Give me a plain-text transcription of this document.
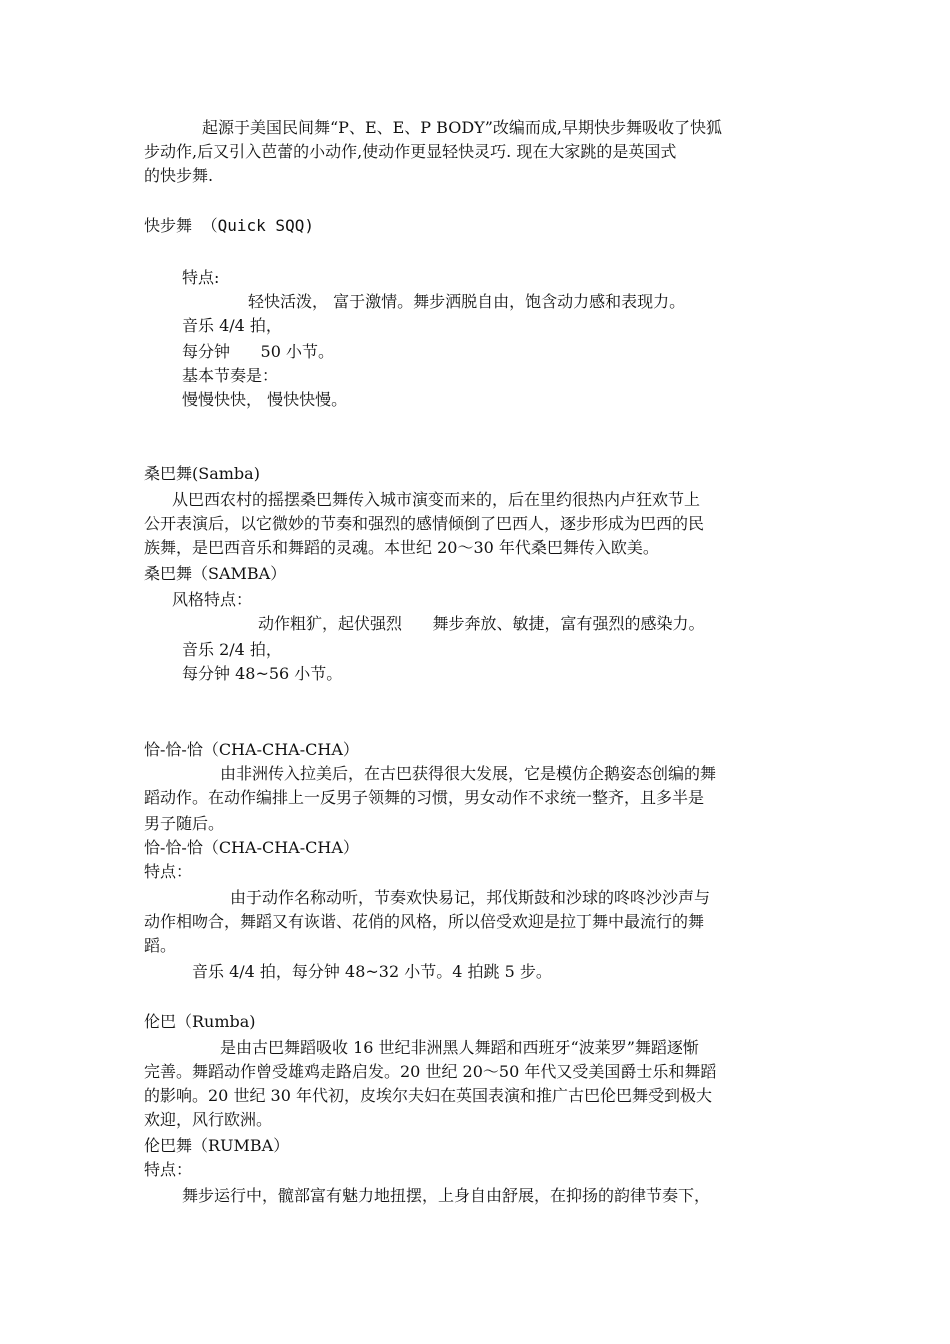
起源于美国民间舞“P、E、E、P BODY”改编而成,早期快步舞吸收了快狐
步动作,后又引入芭蕾的小动作,使动作更显轻快灵巧. 现在大家跳的是英国式
的快步舞.
快步舞 （Quick SQQ)
特点:
轻快活泼， 富于激情。舞步洒脱自由，饱含动力感和表现力。
音乐 4/4 拍，
每分钟      50 小节。
基本节奏是：
慢慢快快， 慢快快慢。
桑巴舞(Samba)
从巴西农村的摇摆桑巴舞传入城市演变而来的，后在里约很热内卢狂欢节上
公开表演后，以它微妙的节奏和强烈的感情倾倒了巴西人，逐步形成为巴西的民
族舞，是巴西音乐和舞蹈的灵魂。本世纪 20～30 年代桑巴舞传入欧美。
桑巴舞（SAMBA）
风格特点：
动作粗犷，起伏强烈      舞步奔放、敏捷，富有强烈的感染力。
音乐 2/4 拍，
每分钟 48~56 小节。
恰-恰-恰（CHA-CHA-CHA）
由非洲传入拉美后，在古巴获得很大发展，它是模仿企鹅姿态创编的舞
蹈动作。在动作编排上一反男子领舞的习惯，男女动作不求统一整齐，且多半是
男子随后。
恰-恰-恰（CHA-CHA-CHA）
特点：
由于动作名称动听，节奏欢快易记，邦伐斯鼓和沙球的咚咚沙沙声与
动作相吻合，舞蹈又有诙谐、花俏的风格，所以倍受欢迎是拉丁舞中最流行的舞
蹈。
音乐 4/4 拍，每分钟 48~32 小节。4 拍跳 5 步。
伦巴（Rumba)
是由古巴舞蹈吸收 16 世纪非洲黑人舞蹈和西班牙“波莱罗”舞蹈逐惭
完善。舞蹈动作曾受雄鸡走路启发。20 世纪 20～50 年代又受美国爵士乐和舞蹈
的影响。20 世纪 30 年代初，皮埃尔夫妇在英国表演和推广古巴伦巴舞受到极大
欢迎，风行欧洲。
伦巴舞（RUMBA）
特点：
舞步运行中，髋部富有魅力地扭摆，上身自由舒展，在抑扬的韵律节奏下，
